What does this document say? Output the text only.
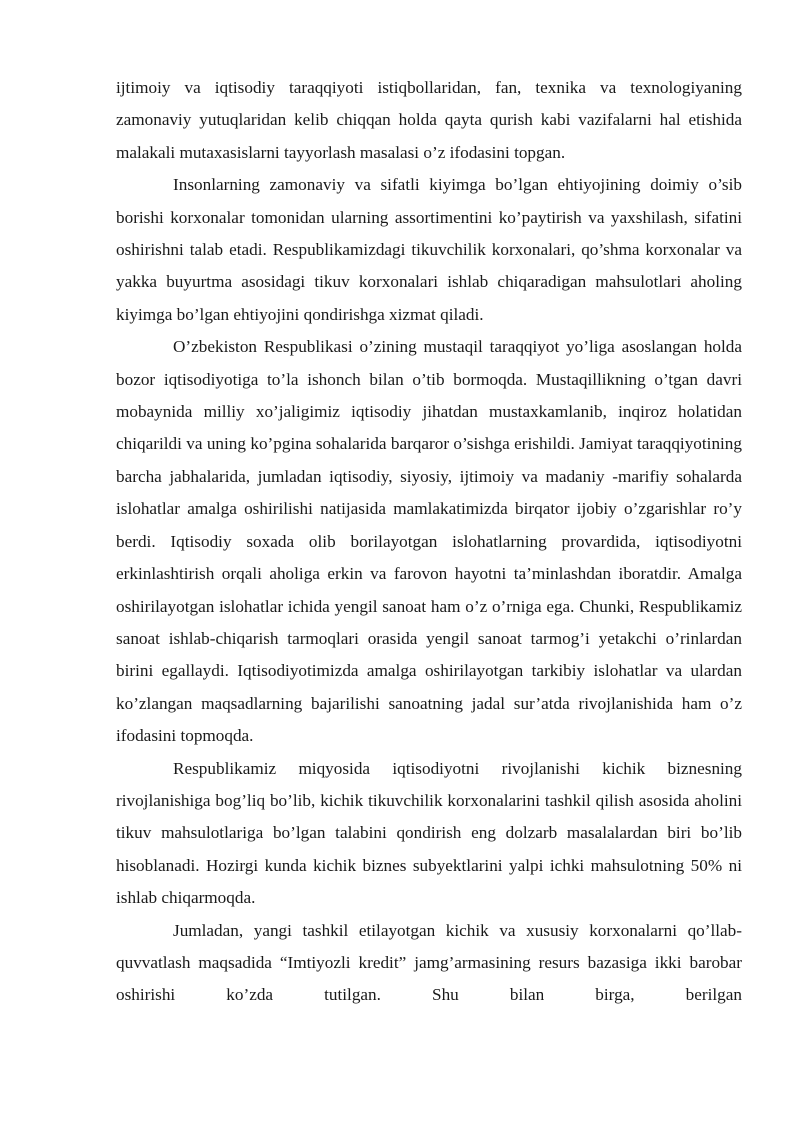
ijtimoiy va iqtisodiy taraqqiyoti istiqbollaridan, fan, texnika va texnologiyaning zamonaviy yutuqlaridan kelib chiqqan holda qayta qurish kabi vazifalarni hal etishida malakali mutaxasislarni tayyorlash masalasi o’z ifodasini topgan.

Insonlarning zamonaviy va sifatli kiyimga bo’lgan ehtiyojining doimiy o’sib borishi korxonalar tomonidan ularning assortimentini ko’paytirish va yaxshilash, sifatini oshirishni talab etadi. Respublikamizdagi tikuvchilik korxonalari, qo’shma korxonalar va yakka buyurtma asosidagi tikuv korxonalari ishlab chiqaradigan mahsulotlari aholing kiyimga bo’lgan ehtiyojini qondirishga xizmat qiladi.

O’zbekiston Respublikasi o’zining mustaqil taraqqiyot yo’liga asoslangan holda bozor iqtisodiyotiga to’la ishonch bilan o’tib bormoqda. Mustaqillikning o’tgan davri mobaynida milliy xo’jaligimiz iqtisodiy jihatdan mustaxkamlanib, inqiroz holatidan chiqarildi va uning ko’pgina sohalarida barqaror o’sishga erishildi. Jamiyat taraqqiyotining barcha jabhalarida, jumladan iqtisodiy, siyosiy, ijtimoiy va madaniy -marifiy sohalarda islohatlar amalga oshirilishi natijasida mamlakatimizda birqator ijobiy o’zgarishlar ro’y berdi. Iqtisodiy soxada olib borilayotgan islohatlarning provardida, iqtisodiyotni erkinlashtirish orqali aholiga erkin va farovon hayotni ta’minlashdan iboratdir. Amalga oshirilayotgan islohatlar ichida yengil sanoat ham o’z o’rniga ega. Chunki, Respublikamiz sanoat ishlab-chiqarish tarmoqlari orasida yengil sanoat tarmog’i yetakchi o’rinlardan birini egallaydi. Iqtisodiyotimizda amalga oshirilayotgan tarkibiy islohatlar va ulardan ko’zlangan maqsadlarning bajarilishi sanoatning jadal sur’atda rivojlanishida ham o’z ifodasini topmoqda.

Respublikamiz miqyosida iqtisodiyotni rivojlanishi kichik biznesning rivojlanishiga bog’liq bo’lib, kichik tikuvchilik korxonalarini tashkil qilish asosida aholini tikuv mahsulotlariga bo’lgan talabini qondirish eng dolzarb masalalardan biri bo’lib hisoblanadi. Hozirgi kunda kichik biznes subyektlarini yalpi ichki mahsulotning 50% ni ishlab chiqarmoqda.

Jumladan, yangi tashkil etilayotgan kichik va xususiy korxonalarni qo’llab-quvvatlash maqsadida “Imtiyozli kredit” jamg’armasining resurs bazasiga ikki barobar oshirishi ko’zda tutilgan. Shu bilan birga, berilgan
